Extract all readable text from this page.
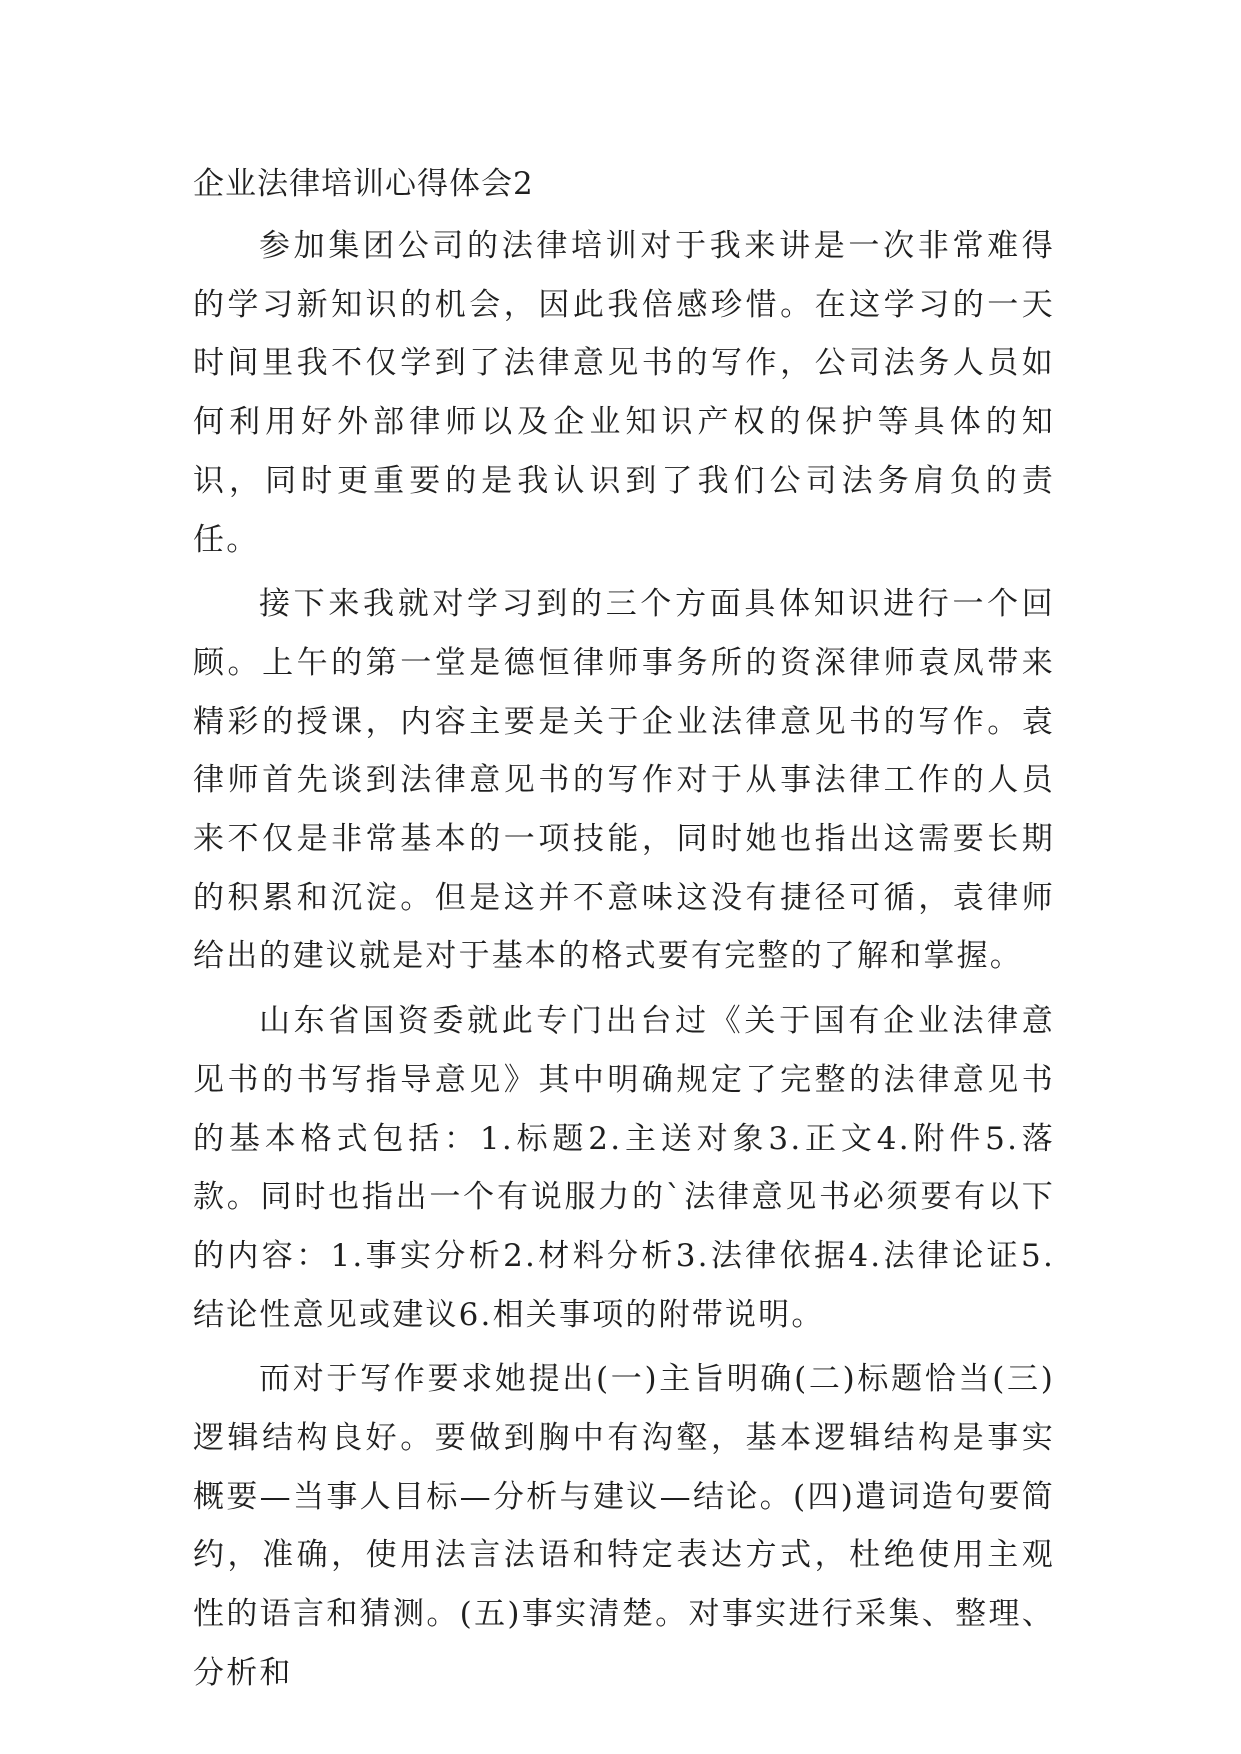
企业法律培训心得体会2

参加集团公司的法律培训对于我来讲是一次非常难得的学习新知识的机会，因此我倍感珍惜。在这学习的一天时间里我不仅学到了法律意见书的写作，公司法务人员如何利用好外部律师以及企业知识产权的保护等具体的知识，同时更重要的是我认识到了我们公司法务肩负的责任。

接下来我就对学习到的三个方面具体知识进行一个回顾。上午的第一堂是德恒律师事务所的资深律师袁凤带来精彩的授课，内容主要是关于企业法律意见书的写作。袁律师首先谈到法律意见书的写作对于从事法律工作的人员来不仅是非常基本的一项技能，同时她也指出这需要长期的积累和沉淀。但是这并不意味这没有捷径可循，袁律师给出的建议就是对于基本的格式要有完整的了解和掌握。

山东省国资委就此专门出台过《关于国有企业法律意见书的书写指导意见》其中明确规定了完整的法律意见书的基本格式包括：1.标题2.主送对象3.正文4.附件5.落款。同时也指出一个有说服力的`法律意见书必须要有以下的内容：1.事实分析2.材料分析3.法律依据4.法律论证5.结论性意见或建议6.相关事项的附带说明。

而对于写作要求她提出(一)主旨明确(二)标题恰当(三)逻辑结构良好。要做到胸中有沟壑，基本逻辑结构是事实概要—当事人目标—分析与建议—结论。(四)遣词造句要简约，准确，使用法言法语和特定表达方式，杜绝使用主观性的语言和猜测。(五)事实清楚。对事实进行采集、整理、分析和
